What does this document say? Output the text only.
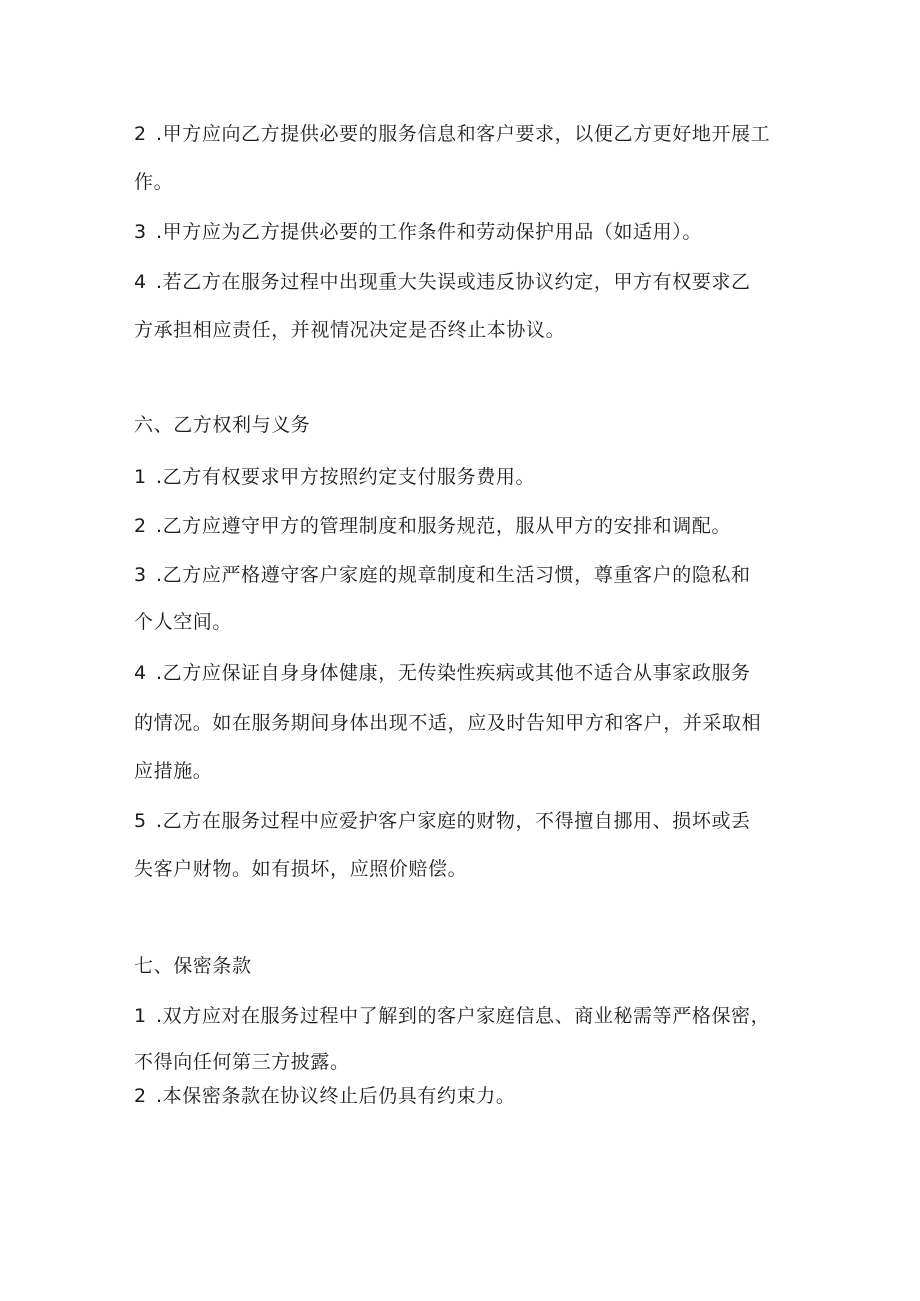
2 .甲方应向乙方提供必要的服务信息和客户要求，以便乙方更好地开展工
作。
3 .甲方应为乙方提供必要的工作条件和劳动保护用品（如适用）。
4 .若乙方在服务过程中出现重大失误或违反协议约定，甲方有权要求乙
方承担相应责任，并视情况决定是否终止本协议。
六、乙方权利与义务
1 .乙方有权要求甲方按照约定支付服务费用。
2 .乙方应遵守甲方的管理制度和服务规范，服从甲方的安排和调配。
3 .乙方应严格遵守客户家庭的规章制度和生活习惯，尊重客户的隐私和
个人空间。
4 .乙方应保证自身身体健康，无传染性疾病或其他不适合从事家政服务
的情况。如在服务期间身体出现不适，应及时告知甲方和客户，并采取相
应措施。
5 .乙方在服务过程中应爱护客户家庭的财物，不得擅自挪用、损坏或丢
失客户财物。如有损坏，应照价赔偿。
七、保密条款
1 .双方应对在服务过程中了解到的客户家庭信息、商业秘需等严格保密，
不得向任何第三方披露。
2 .本保密条款在协议终止后仍具有约束力。
